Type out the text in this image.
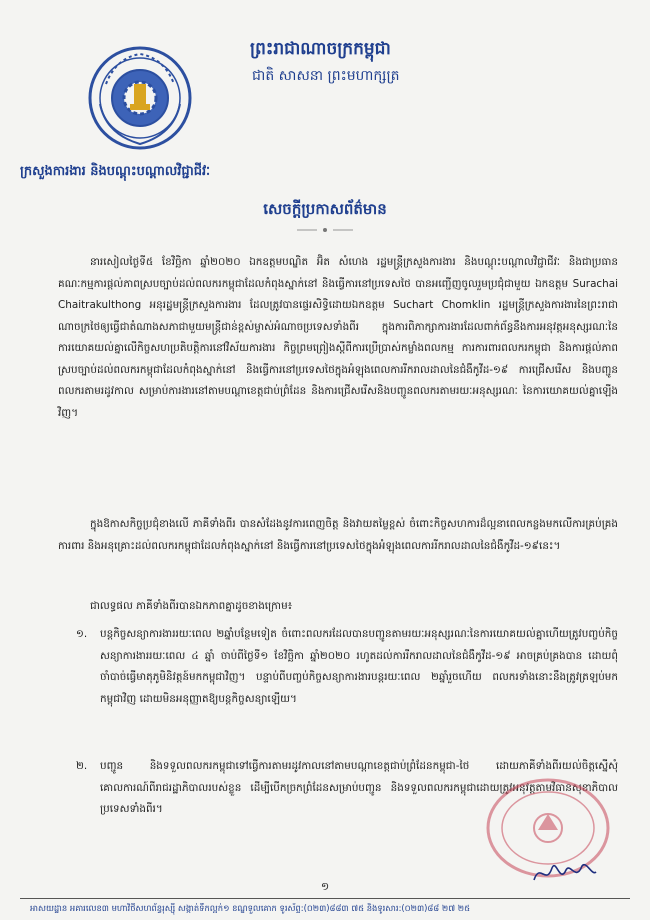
ព្រះរាជាណាចក្រកម្ពុជា
ជាតិ សាសនា ព្រះមហាក្សត្រ
ក្រសួងការងារ និងបណ្តុះបណ្តាលវិជ្ជាជីវៈ
សេចក្តីប្រកាសព័ត៌មាន

នារសៀលថ្ងៃទី៥ ខែវិច្ឆិកា ឆ្នាំ២០២០ ឯកឧត្តមបណ្ឌិត អ៊ិត សំហេង រដ្ឋមន្ត្រីក្រសួងការងារ និងបណ្តុះបណ្តាលវិជ្ជាជីវៈ និងជាប្រធានគណៈកម្មការផ្តល់ភាពស្របច្បាប់ដល់ពលករកម្ពុជាដែលកំពុងស្នាក់នៅ និងធ្វើការនៅប្រទេសថៃ បានអញ្ជើញចូលរួមប្រជុំជាមួយ ឯកឧត្តម Surachai Chaitrakulthong អនុរដ្ឋមន្ត្រីក្រសួងការងារ ដែលត្រូវបានផ្ទេរសិទ្ធិដោយឯកឧត្តម Suchart Chomklin រដ្ឋមន្ត្រីក្រសួងការងារនៃព្រះរាជាណាចក្រថៃឲ្យធ្វើជាតំណាងសភាជាមួយមន្ត្រីជាន់ខ្ពស់ម្ចាស់អំណាចប្រទេសទាំងពីរ ក្នុងការពិភាក្សាការងារដែលពាក់ព័ន្ធនឹងការអនុវត្តអនុស្សរណៈនៃការយោគយល់គ្នាលើកិច្ចសហប្រតិបត្តិការនៅវិស័យការងារ កិច្ចព្រមព្រៀងស្តីពីការប្រើប្រាស់កម្លាំងពលកម្ម ការការពារពលករកម្ពុជា និងការផ្តល់ភាពស្របច្បាប់ដល់ពលករកម្ពុជាដែលកំពុងស្នាក់នៅ និងធ្វើការនៅប្រទេសថៃក្នុងអំឡុងពេលការរីករាលដាលនៃជំងឺកូវីដ-១៩ ការជ្រើសរើស និងបញ្ជូនពលករតាមរដូវកាល សម្រាប់ការងារនៅតាមបណ្តាខេត្តជាប់ព្រំដែន និងការជ្រើសរើសនិងបញ្ជូនពលករតាមរយៈអនុស្សរណៈ នៃការយោគយល់គ្នាឡើងវិញ។

ក្នុងឱកាសកិច្ចប្រជុំខាងលើ ភាគីទាំងពីរ បានសំដែងនូវការពេញចិត្ត និងវាយតម្លៃខ្ពស់ ចំពោះកិច្ចសហការដ៏ល្អនាពេលកន្លងមកលើការគ្រប់គ្រង ការពារ និងអនុគ្រោះដល់ពលករកម្ពុជាដែលកំពុងស្នាក់នៅ និងធ្វើការនៅប្រទេសថៃក្នុងអំឡុងពេលការរីករាលដាលនៃជំងឺកូវីដ-១៩នេះ។

ជាលទ្ធផល ភាគីទាំងពីរបានឯកភាពគ្នាដូចខាងក្រោម៖

១. បន្តកិច្ចសន្យាការងាររយៈពេល ២ឆ្នាំបន្ថែមទៀត ចំពោះពលករដែលបានបញ្ជូនតាមរយៈអនុស្សរណៈនៃការយោគយល់គ្នាហើយត្រូវបញ្ចប់កិច្ចសន្យាការងាររយៈពេល ៤ ឆ្នាំ ចាប់ពីថ្ងៃទី១ ខែវិច្ឆិកា ឆ្នាំ២០២០ រហូតដល់ការរីករាលដាលនៃជំងឺកូវីដ-១៩ អាចគ្រប់គ្រងបាន ដោយពុំចាំបាច់ធ្វើមាតុភូមិនិវត្តន៍មកកម្ពុជាវិញ។ បន្ទាប់ពីបញ្ចប់កិច្ចសន្យាការងារបន្តរយៈពេល ២ឆ្នាំរួចហើយ ពលករទាំងនោះនឹងត្រូវត្រឡប់មកកម្ពុជាវិញ ដោយមិនអនុញ្ញាតឱ្យបន្តកិច្ចសន្យាឡើយ។
២. បញ្ជូន និងទទួលពលករកម្ពុជាទៅធ្វើការតាមរដូវកាលនៅតាមបណ្តាខេត្តជាប់ព្រំដែនកម្ពុជា-ថៃ ដោយភាគីទាំងពីរយល់ចិត្តស្នើសុំគោលការណ៍ពីរាជរដ្ឋាភិបាលរបស់ខ្លួន ដើម្បីបើកច្រកព្រំដែនសម្រាប់បញ្ជូន និងទទួលពលករកម្ពុជាដោយត្រូវអនុវត្តតាមវិធានសុខាភិបាលប្រទេសទាំងពីរ។
១
អាសយដ្ឋាន អគារលេខ៣ មហាវិថីសហព័ន្ធរុស្ស៊ី សង្កាត់ទឹកល្អក់១ ខណ្ឌទួលគោក ទូរស័ព្ទ:(០២៣)៨៨៣ ៧៥ និងទូរសារ:(០២៣)៨៨ ២៧ ២៥
